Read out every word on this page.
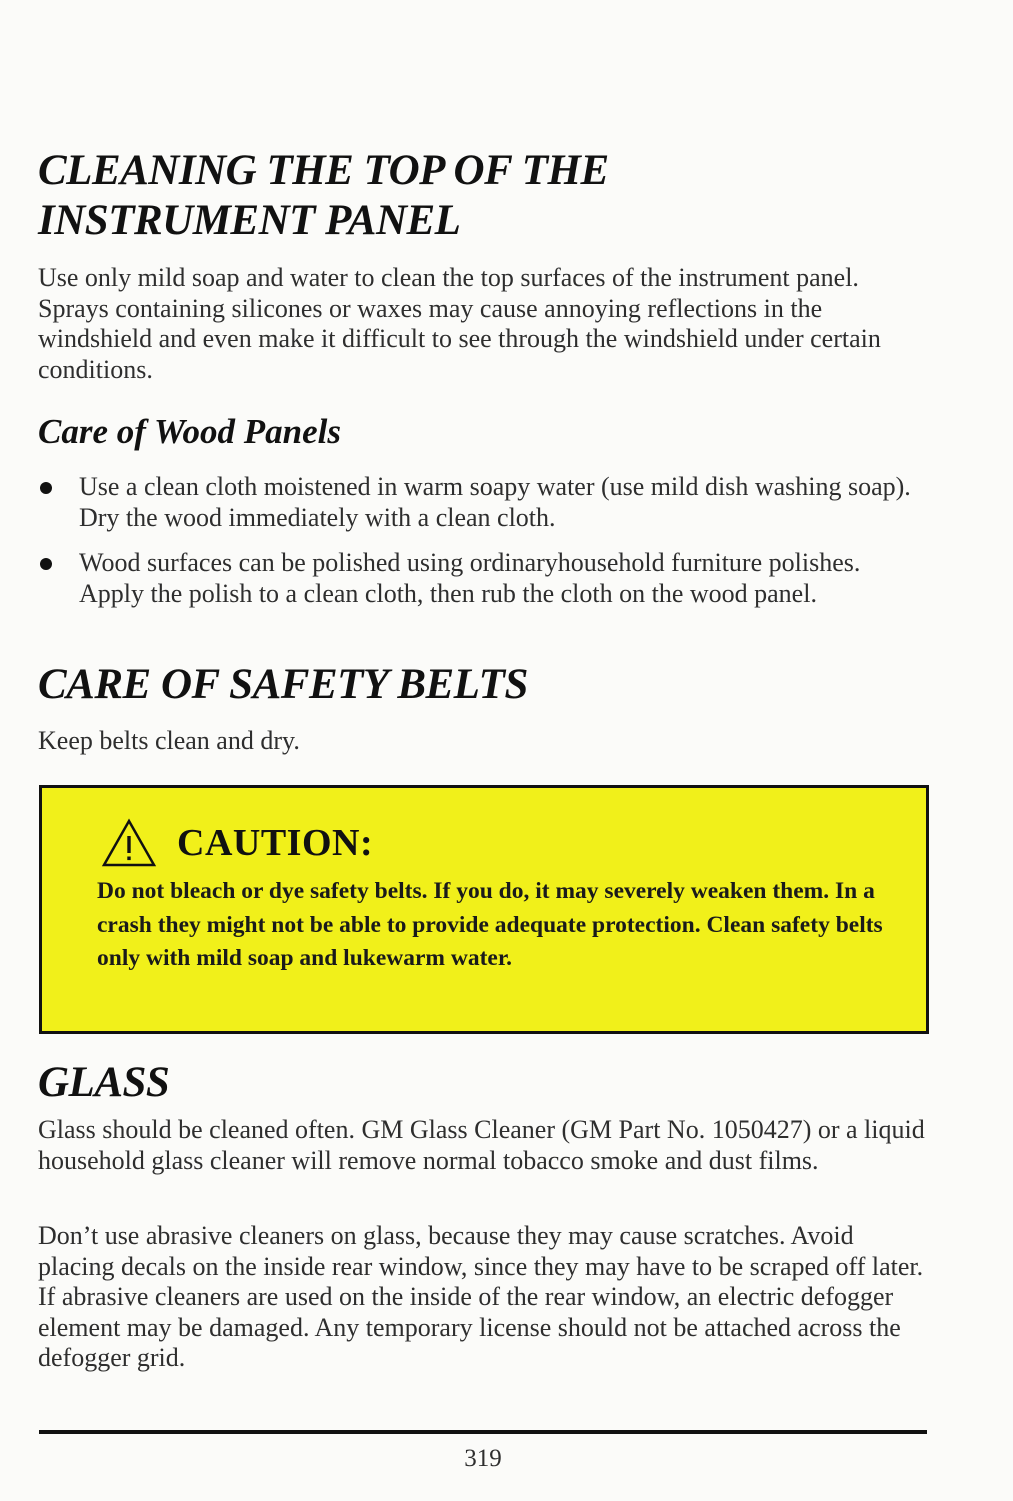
CLEANING THE TOP OF THE
INSTRUMENT PANEL

Use only mild soap and water to clean the top surfaces of the instrument panel. Sprays containing silicones or waxes may cause annoying reflections in the windshield and even make it difficult to see through the windshield under certain conditions.

Care of Wood Panels
Use a clean cloth moistened in warm soapy water (use mild dish washing soap). Dry the wood immediately with a clean cloth.
Wood surfaces can be polished using ordinaryhousehold furniture polishes. Apply the polish to a clean cloth, then rub the cloth on the wood panel.
CARE OF SAFETY BELTS

Keep belts clean and dry.

CAUTION:

Do not bleach or dye safety belts. If you do, it may severely weaken them. In a crash they might not be able to provide adequate protection. Clean safety belts only with mild soap and lukewarm water.

GLASS

Glass should be cleaned often. GM Glass Cleaner (GM Part No. 1050427) or a liquid household glass cleaner will remove normal tobacco smoke and dust films.

Don’t use abrasive cleaners on glass, because they may cause scratches. Avoid placing decals on the inside rear window, since they may have to be scraped off later. If abrasive cleaners are used on the inside of the rear window, an electric defogger element may be damaged. Any temporary license should not be attached across the defogger grid.

319
